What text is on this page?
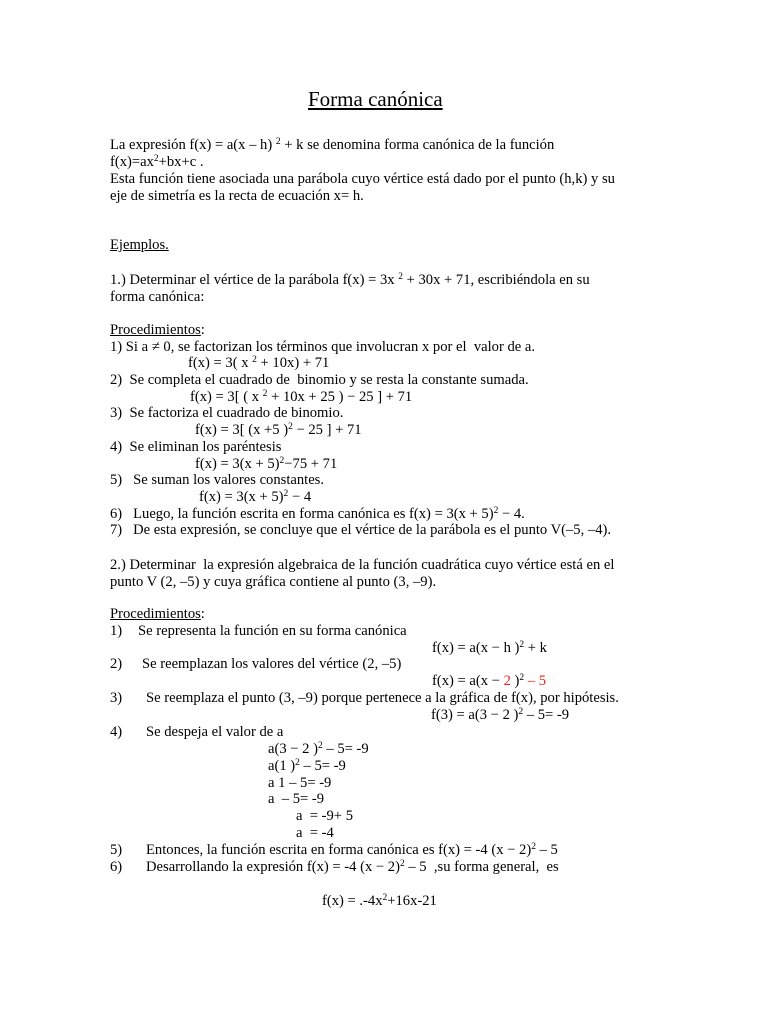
Forma canónica
La expresión f(x) = a(x – h) $^2$ + k se denomina forma canónica de la función
$f(x)=ax^2+bx+c$ .
Esta función tiene asociada una parábola cuyo vértice está dado por el punto (h,k) y su
eje de simetría es la recta de ecuación x= h.
Ejemplos.
1.) Determinar el vértice de la parábola f(x) = 3x $^2$ + 30x + 71, escribiéndola en su
forma canónica:
Procedimientos:
1) Si a ≠ 0, se factorizan los términos que involucran x por el  valor de a.
f(x) = 3( x $^2$ + 10x) + 71
2)  Se completa el cuadrado de  binomio y se resta la constante sumada.
f(x) = 3[ ( x $^2$ + 10x + 25 ) − 25 ] + 71
3)  Se factoriza el cuadrado de binomio.
f(x) = 3[ (x +5 )$^2$ − 25 ] + 71
4)  Se eliminan los paréntesis
$f(x) = 3(x + 5)^2-75 + 71$
5)   Se suman los valores constantes.
$f(x) = 3(x + 5)^2 - 4$
6)   Luego, la función escrita en forma canónica es $f(x) = 3(x + 5)^2 - 4$.
7)   De esta expresión, se concluye que el vértice de la parábola es el punto V(–5, –4).
2.) Determinar  la expresión algebraica de la función cuadrática cuyo vértice está en el
punto V (2, –5) y cuya gráfica contiene al punto (3, –9).
Procedimientos:
1) Se representa la función en su forma canónica
f(x) = a(x − h )$^2$ + k
2) Se reemplazan los valores del vértice (2, –5)
f(x) = a(x − 2 )$^2$ – 5
3) Se reemplaza el punto (3, –9) porque pertenece a la gráfica de f(x), por hipótesis.
f(3) = a(3 − 2 )$^2$ – 5= -9
4) Se despeja el valor de a
a(3 − 2 )$^2$ – 5= -9
a(1 )$^2$ – 5= -9
a 1 – 5= -9
a  – 5= -9
a  = -9+ 5
a  = -4
5) Entonces, la función escrita en forma canónica es f(x) = -4 $(x - 2)^2 - 5$
6) Desarrollando la expresión f(x) = -4 $(x - 2)^2 - 5$  ,su forma general,  es
$f(x) = .-4x^2+16x-21$
